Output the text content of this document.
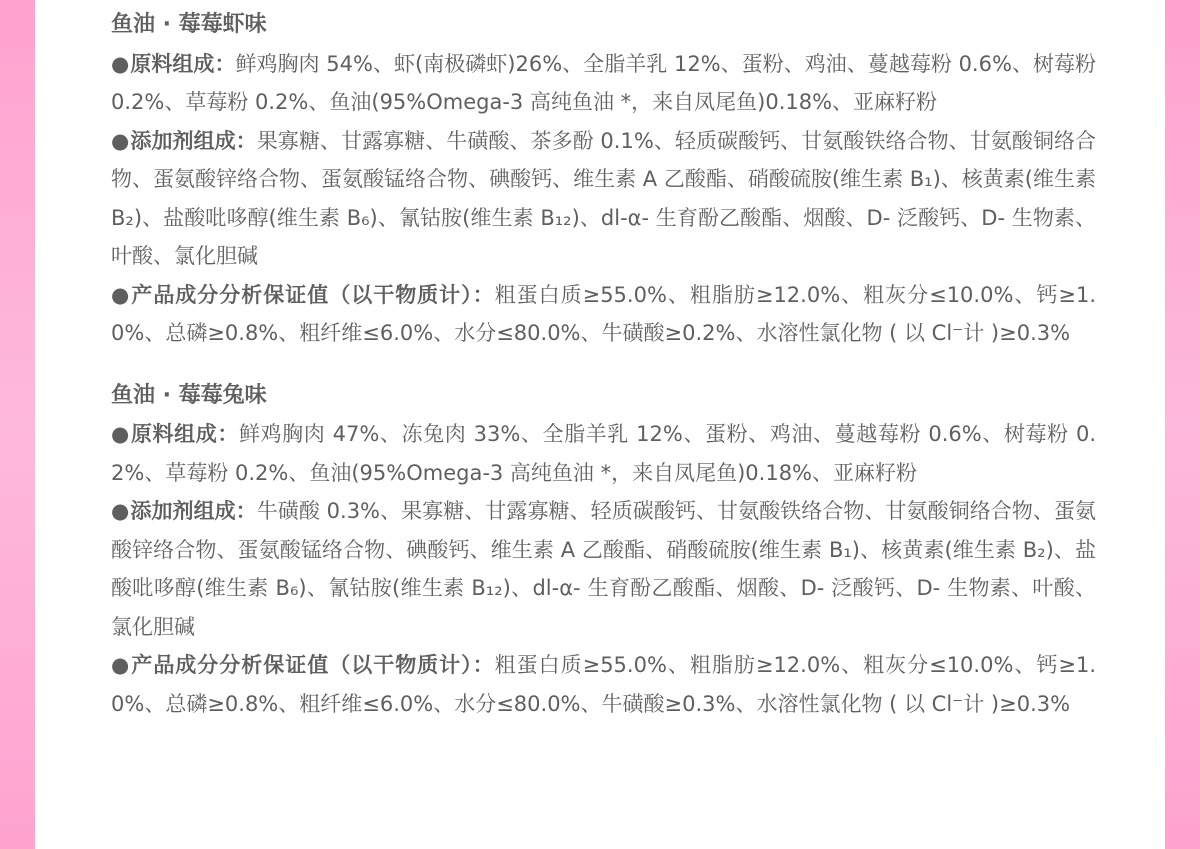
鱼油 · 莓莓虾味

●原料组成：鲜鸡胸肉 54%、虾(南极磷虾)26%、全脂羊乳 12%、蛋粉、鸡油、蔓越莓粉 0.6%、树莓粉 0.2%、草莓粉 0.2%、鱼油(95%Omega-3 高纯鱼油 *，来自凤尾鱼)0.18%、亚麻籽粉

●添加剂组成：果寡糖、甘露寡糖、牛磺酸、茶多酚 0.1%、轻质碳酸钙、甘氨酸铁络合物、甘氨酸铜络合物、蛋氨酸锌络合物、蛋氨酸锰络合物、碘酸钙、维生素 A 乙酸酯、硝酸硫胺(维生素 B₁)、核黄素(维生素 B₂)、盐酸吡哆醇(维生素 B₆)、氰钴胺(维生素 B₁₂)、dl-α- 生育酚乙酸酯、烟酸、D- 泛酸钙、D- 生物素、叶酸、氯化胆碱

●产品成分分析保证值（以干物质计）：粗蛋白质≥55.0%、粗脂肪≥12.0%、粗灰分≤10.0%、钙≥1.0%、总磷≥0.8%、粗纤维≤6.0%、水分≤80.0%、牛磺酸≥0.2%、水溶性氯化物 ( 以 Cl⁻计 )≥0.3%

鱼油 · 莓莓兔味

●原料组成：鲜鸡胸肉 47%、冻兔肉 33%、全脂羊乳 12%、蛋粉、鸡油、蔓越莓粉 0.6%、树莓粉 0.2%、草莓粉 0.2%、鱼油(95%Omega-3 高纯鱼油 *，来自凤尾鱼)0.18%、亚麻籽粉

●添加剂组成：牛磺酸 0.3%、果寡糖、甘露寡糖、轻质碳酸钙、甘氨酸铁络合物、甘氨酸铜络合物、蛋氨酸锌络合物、蛋氨酸锰络合物、碘酸钙、维生素 A 乙酸酯、硝酸硫胺(维生素 B₁)、核黄素(维生素 B₂)、盐酸吡哆醇(维生素 B₆)、氰钴胺(维生素 B₁₂)、dl-α- 生育酚乙酸酯、烟酸、D- 泛酸钙、D- 生物素、叶酸、氯化胆碱

●产品成分分析保证值（以干物质计）：粗蛋白质≥55.0%、粗脂肪≥12.0%、粗灰分≤10.0%、钙≥1.0%、总磷≥0.8%、粗纤维≤6.0%、水分≤80.0%、牛磺酸≥0.3%、水溶性氯化物 ( 以 Cl⁻计 )≥0.3%
